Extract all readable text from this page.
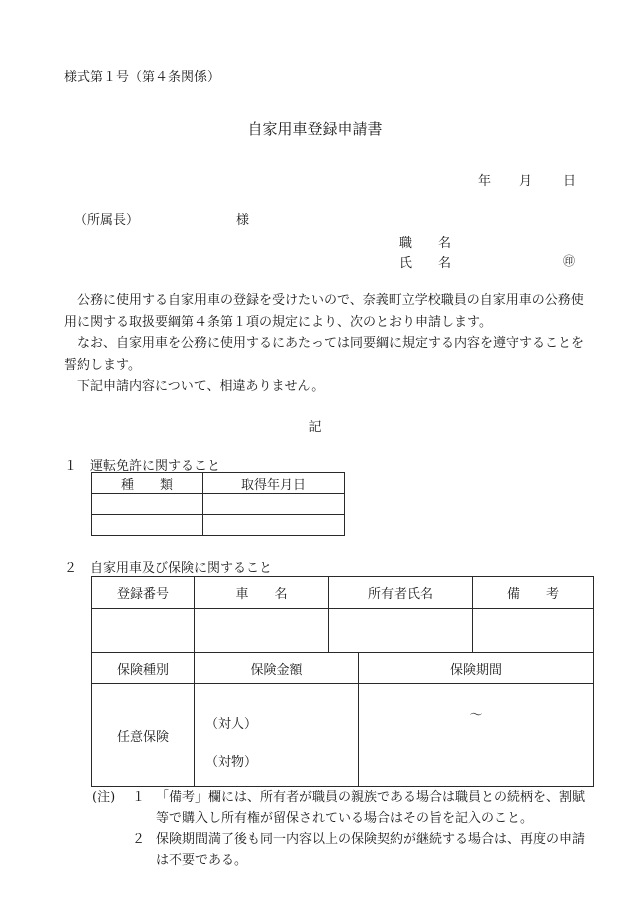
様式第１号（第４条関係）
自家用車登録申請書
年 月 日
（所属長）	様
職　　名
氏　　名	㊞

公務に使用する自家用車の登録を受けたいので、奈義町立学校職員の自家用車の公務使用に関する取扱要綱第４条第１項の規定により、次のとおり申請します。

なお、自家用車を公務に使用するにあたっては同要綱に規定する内容を遵守することを誓約します。

下記申請内容について、相違ありません。

記
１　運転免許に関すること
種　　類	取得年月日

２　自家用車及び保険に関すること
登録番号	車　　名	所有者氏名	備　　考

保険種別	保険金額	保険期間
任意保険	（対人）	〜
	（対物）	
(注)	１ 「備考」欄には、所有者が職員の親族である場合は職員との続柄を、割賦等で購入し所有権が留保されている場合はその旨を記入のこと。
２ 保険期間満了後も同一内容以上の保険契約が継続する場合は、再度の申請は不要である。
